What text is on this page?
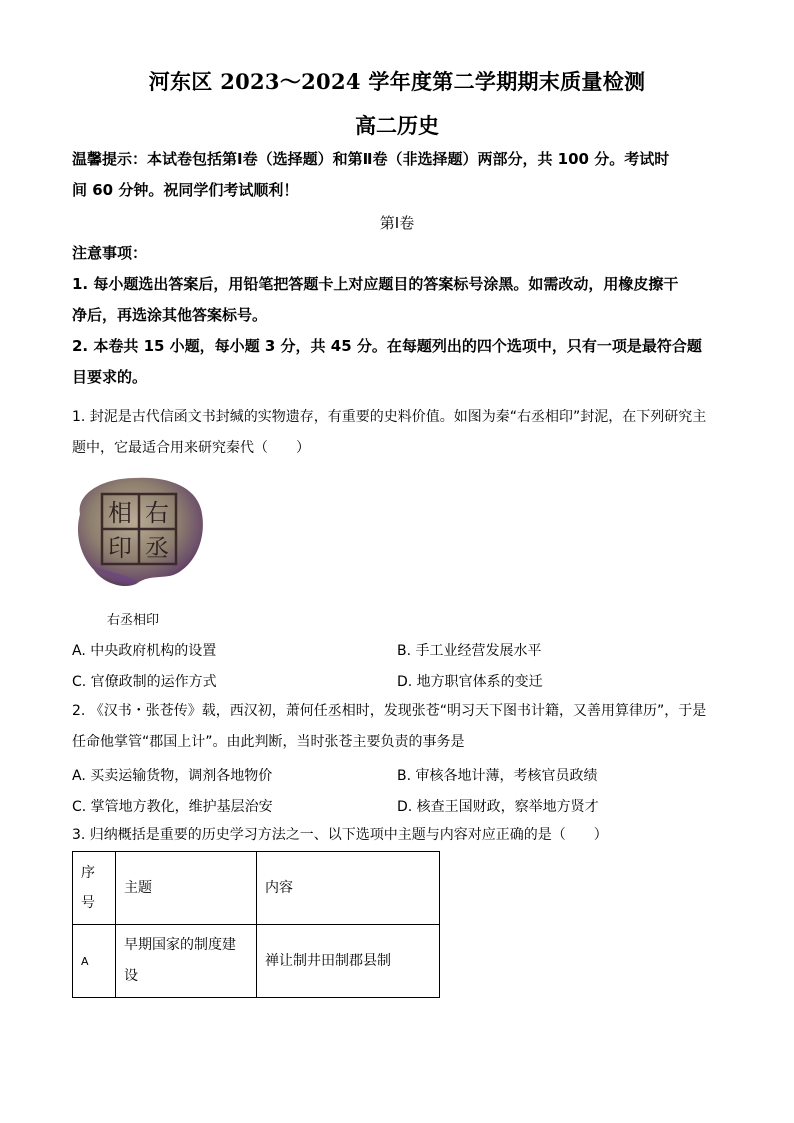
河东区 2023～2024 学年度第二学期期末质量检测
高二历史
温馨提示：本试卷包括第Ⅰ卷（选择题）和第Ⅱ卷（非选择题）两部分，共 100 分。考试时
间 60 分钟。祝同学们考试顺利！
第Ⅰ卷
注意事项：
1. 每小题选出答案后，用铅笔把答题卡上对应题目的答案标号涂黑。如需改动，用橡皮擦干
净后，再选涂其他答案标号。
2. 本卷共 15 小题，每小题 3 分，共 45 分。在每题列出的四个选项中，只有一项是最符合题
目要求的。
1. 封泥是古代信函文书封缄的实物遗存，有重要的史料价值。如图为秦“右丞相印”封泥，在下列研究主
题中，它最适合用来研究秦代（　　）
右
丞
相
印
右丞相印
A. 中央政府机构的设置	B. 手工业经营发展水平
C. 官僚政制的运作方式	D. 地方职官体系的变迁
2. 《汉书・张苍传》载，西汉初，萧何任丞相时，发现张苍“明习天下图书计籍，又善用算律历”，于是
任命他掌管“郡国上计”。由此判断，当时张苍主要负责的事务是
A. 买卖运输货物，调剂各地物价	B. 审核各地计薄，考核官员政绩
C. 掌管地方教化，维护基层治安	D. 核查王国财政，察举地方贤才
3. 归纳概括是重要的历史学习方法之一、以下选项中主题与内容对应正确的是（　　）
序号	主题	内容
A	早期国家的制度建设	禅让制井田制郡县制
